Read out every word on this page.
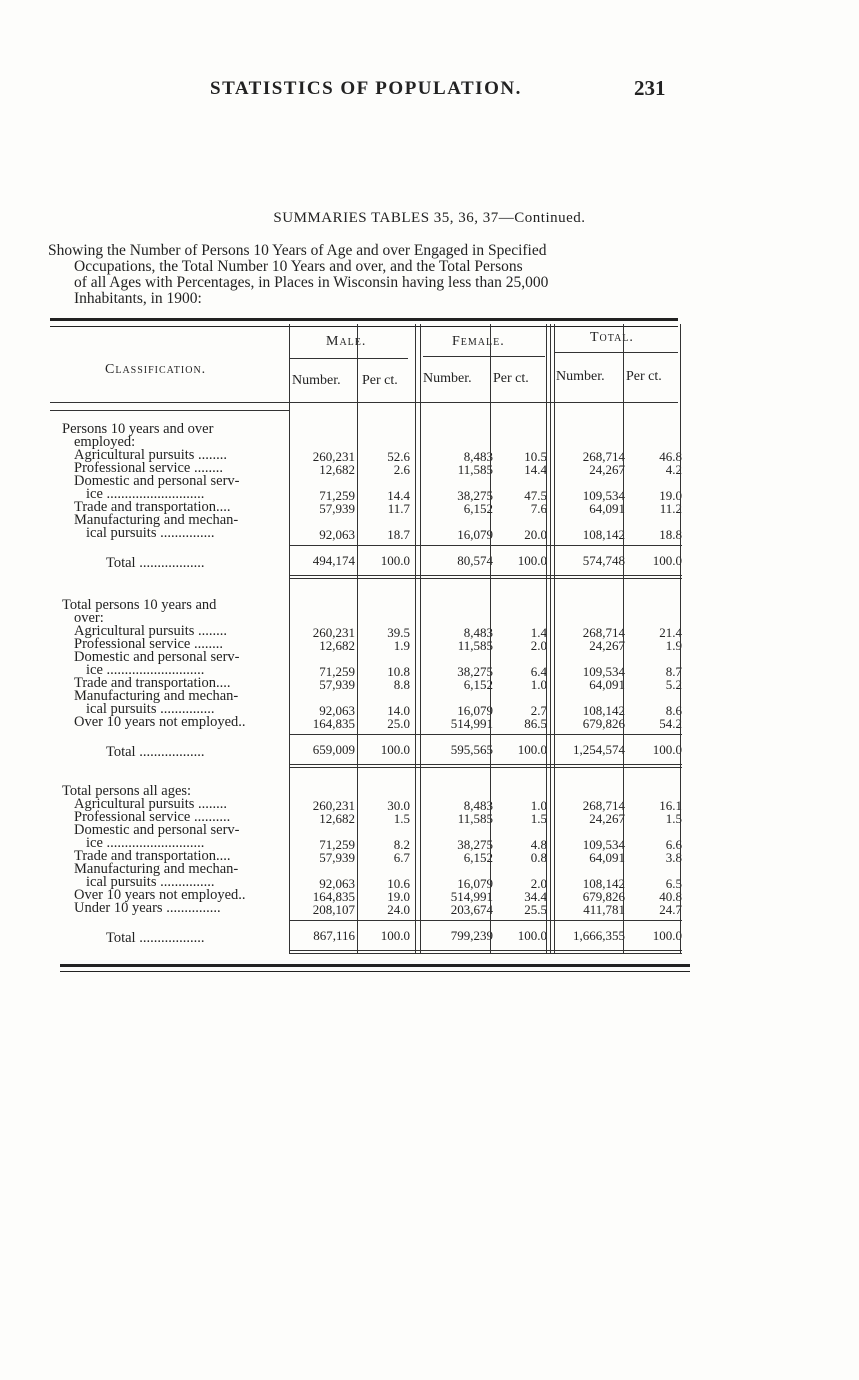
STATISTICS OF POPULATION.	231
SUMMARIES TABLES 35, 36, 37—Continued.
Showing the Number of Persons 10 Years of Age and over Engaged in Specified
Occupations, the Total Number 10 Years and over, and the Total Persons
of all Ages with Percentages, in Places in Wisconsin having less than 25,000
Inhabitants, in 1900:
Classification.
Male.	Female.	Total.
Number. Per ct. Number. Per ct. Number. Per ct.
Persons 10 years and over
employed:
Agricultural pursuits ........	260,231 52.6	8,483 10.5	268,714	46.8
Professional service ........	12,682	2.6	11,585 14.4	24,267	4.2
Domestic and personal serv-
ice ...........................	71,259 14.4	38,275 47.5	109,534	19.0
Trade and transportation....	57,939	11.7	6,152	7.6	64,091	11.2
Manufacturing and mechan-
ical pursuits ...............	92,063 18.7	16,079 20.0	108,142	18.8
Total ..................	494,174 100.0	80,574 100.0	574,748 100.0
Total persons 10 years and
over:
Agricultural pursuits ........	260,231 39.5	8,483	1.4	268,714	21.4
Professional service ........	12,682	1.9	11,585	2.0	24,267	1.9
Domestic and personal serv-
ice ...........................	71,259 10.8	38,275	6.4	109,534	8.7
Trade and transportation....	57,939	8.8	6,152	1.0	64,091	5.2
Manufacturing and mechan-
ical pursuits ...............	92,063 14.0	16,079	2.7	108,142	8.6
Over 10 years not employed..	164,835 25.0	514,991 86.5	679,826	54.2
Total ..................	659,009 100.0	595,565 100.0 1,254,574 100.0
Total persons all ages:
Agricultural pursuits ........	260,231 30.0	8,483	1.0	268,714	16.1
Professional service ..........	12,682	1.5	11,585	1.5	24,267	1.5
Domestic and personal serv-
ice ...........................	71,259	8.2	38,275	4.8	109,534	6.6
Trade and transportation....	57,939	6.7	6,152	0.8	64,091	3.8
Manufacturing and mechan-
ical pursuits ...............	92,063 10.6	16,079	2.0	108,142	6.5
Over 10 years not employed..	164,835 19.0	514,991 34.4	679,826	40.8
Under 10 years ...............	208,107 24.0	203,674 25.5	411,781	24.7
Total ..................	867,116 100.0	799,239 100.0 1,666,355 100.0
